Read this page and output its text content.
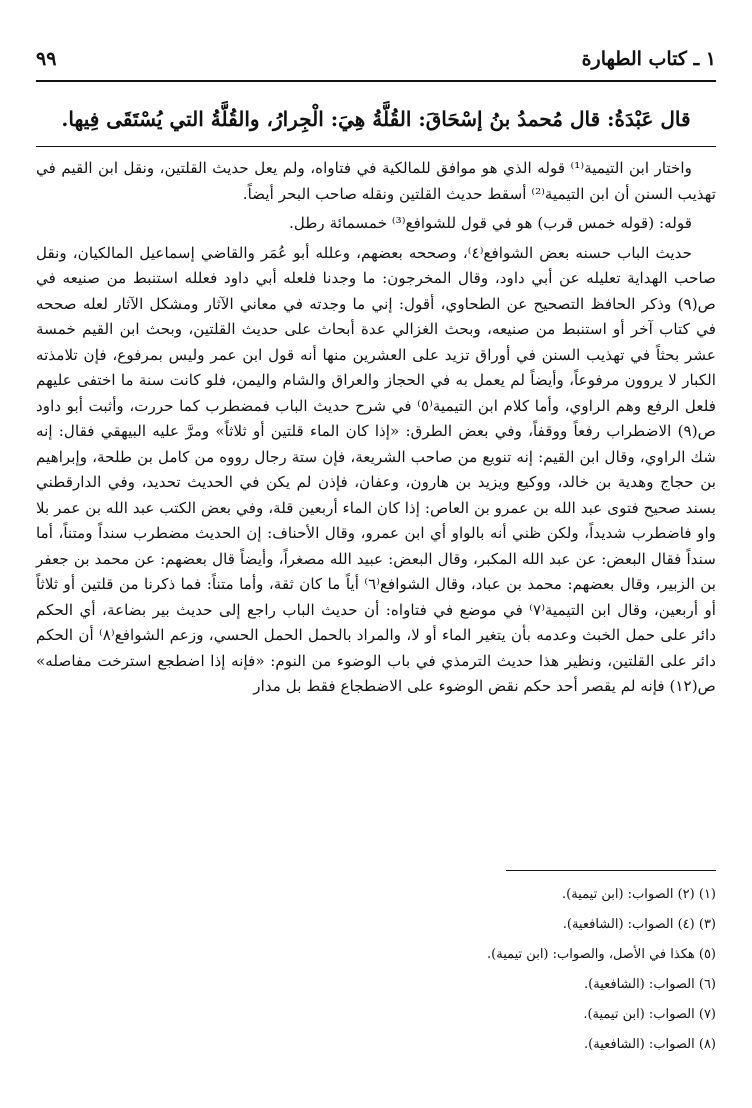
١ ـ كتاب الطهارة
٩٩
قال عَبْدَةُ: قال مُحمدُ بنُ إسْحَاقَ: القُلَّةُ هِيَ: الْجِرارُ، والقُلَّةُ التي يُسْتَقَى فِيها.

واختار ابن التيمية⁽¹⁾ قوله الذي هو موافق للمالكية في فتاواه، ولم يعل حديث القلتين، ونقل ابن القيم في تهذيب السنن أن ابن التيمية⁽²⁾ أسقط حديث القلتين ونقله صاحب البحر أيضاً.

قوله: (قوله خمس قرب) هو في قول للشوافع⁽³⁾ خمسمائة رطل.

حديث الباب حسنه بعض الشوافع⁽٤⁾، وصححه بعضهم، وعلله أبو عُمَر والقاضي إسماعيل المالكيان، ونقل صاحب الهداية تعليله عن أبي داود، وقال المخرجون: ما وجدنا فلعله أبي داود فعلله استنبط من صنيعه في ص(٩) وذكر الحافظ التصحيح عن الطحاوي، أقول: إني ما وجدته في معاني الآثار ومشكل الآثار لعله صححه في كتاب آخر أو استنبط من صنيعه، وبحث الغزالي عدة أبحاث على حديث القلتين، وبحث ابن القيم خمسة عشر بحثاً في تهذيب السنن في أوراق تزيد على العشرين منها أنه قول ابن عمر وليس بمرفوع، فإن تلامذته الكبار لا يروون مرفوعاً، وأيضاً لم يعمل به في الحجاز والعراق والشام واليمن، فلو كانت سنة ما اختفى عليهم فلعل الرفع وهم الراوي، وأما كلام ابن التيمية⁽٥⁾ في شرح حديث الباب فمضطرب كما حررت، وأثبت أبو داود ص(٩) الاضطراب رفعاً ووقفاً، وفي بعض الطرق: «إذا كان الماء قلتين أو ثلاثاً» ومرَّ عليه البيهقي فقال: إنه شك الراوي، وقال ابن القيم: إنه تنويع من صاحب الشريعة، فإن ستة رجال رووه من كامل بن طلحة، وإبراهيم بن حجاج وهدية بن خالد، ووكيع ويزيد بن هارون، وعفان، فإذن لم يكن في الحديث تحديد، وفي الدارقطني بسند صحيح فتوى عبد الله بن عمرو بن العاص: إذا كان الماء أربعين قلة، وفي بعض الكتب عبد الله بن عمر بلا واو فاضطرب شديداً، ولكن ظني أنه بالواو أي ابن عمرو، وقال الأحناف: إن الحديث مضطرب سنداً ومتناً، أما سنداً فقال البعض: عن عبد الله المكبر، وقال البعض: عبيد الله مصغراً، وأيضاً قال بعضهم: عن محمد بن جعفر بن الزبير، وقال بعضهم: محمد بن عباد، وقال الشوافع⁽٦⁾ أياً ما كان ثقة، وأما متناً: فما ذكرنا من قلتين أو ثلاثاً أو أربعين، وقال ابن التيمية⁽٧⁾ في موضع في فتاواه: أن حديث الباب راجع إلى حديث بير بضاعة، أي الحكم دائر على حمل الخبث وعدمه بأن يتغير الماء أو لا، والمراد بالحمل الحمل الحسي، وزعم الشوافع⁽٨⁾ أن الحكم دائر على القلتين، ونظير هذا حديث الترمذي في باب الوضوء من النوم: «فإنه إذا اضطجع استرخت مفاصله» ص(١٢) فإنه لم يقصر أحد حكم نقض الوضوء على الاضطجاع فقط بل مدار

(١) (٢) الصواب: (ابن تيمية).
(٣) (٤) الصواب: (الشافعية).
(٥) هكذا في الأصل، والصواب: (ابن تيمية).
(٦) الصواب: (الشافعية).
(٧) الصواب: (ابن تيمية).
(٨) الصواب: (الشافعية).
